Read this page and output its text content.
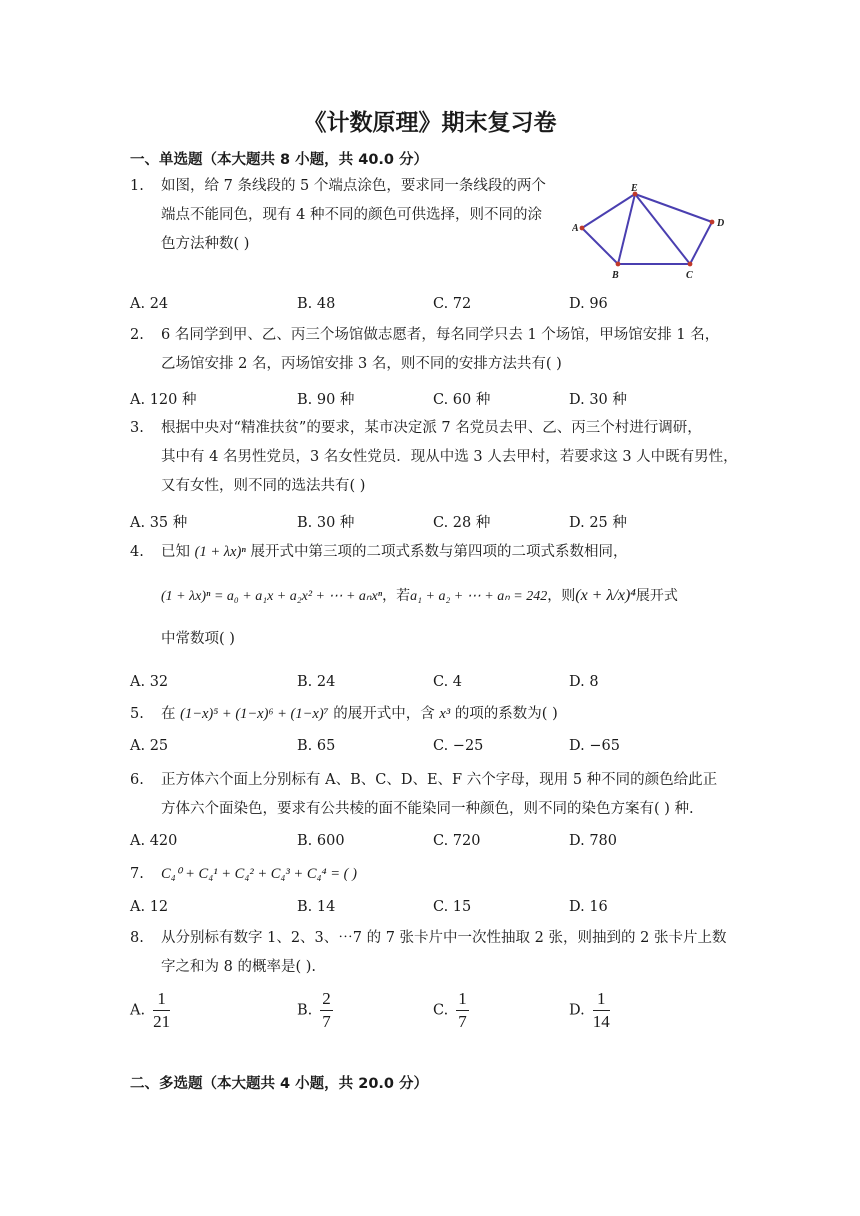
《计数原理》期末复习卷
一、单选题（本大题共 8 小题，共 40.0 分）
1.	如图，给 7 条线段的 5 个端点涂色，要求同一条线段的两个
端点不能同色，现有 4 种不同的颜色可供选择，则不同的涂
色方法种数( )
E
A
B	C
D
A. 24	B. 48	C. 72	D. 96
2.	6 名同学到甲、乙、丙三个场馆做志愿者，每名同学只去 1 个场馆，甲场馆安排 1 名，
乙场馆安排 2 名，丙场馆安排 3 名，则不同的安排方法共有( )
A. 120 种	B. 90 种	C. 60 种	D. 30 种
3.	根据中央对“精准扶贫”的要求，某市决定派 7 名党员去甲、乙、丙三个村进行调研，
其中有 4 名男性党员，3 名女性党员．现从中选 3 人去甲村，若要求这 3 人中既有男性，
又有女性，则不同的选法共有( )
A. 35 种	B. 30 种	C. 28 种	D. 25 种
4.	已知 (1 + λx)ⁿ 展开式中第三项的二项式系数与第四项的二项式系数相同，
(1 + λx)ⁿ = a₀ + a₁x + a₂x² + ⋯ + aₙxⁿ，若a₁ + a₂ + ⋯ + aₙ = 242，则(x + λ/x)⁴展开式
中常数项( )
A. 32	B. 24	C. 4	D. 8
5.	在 (1−x)⁵ + (1−x)⁶ + (1−x)⁷ 的展开式中，含 x³ 的项的系数为( )
A. 25	B. 65	C. −25	D. −65
6.	正方体六个面上分别标有 A、B、C、D、E、F 六个字母，现用 5 种不同的颜色给此正
方体六个面染色，要求有公共棱的面不能染同一种颜色，则不同的染色方案有( ) 种.
A. 420	B. 600	C. 720	D. 780
7.	C₄⁰ + C₄¹ + C₄² + C₄³ + C₄⁴ = ( )
A. 12	B. 14	C. 15	D. 16
8.	从分别标有数字 1、2、3、⋯7 的 7 张卡片中一次性抽取 2 张，则抽到的 2 张卡片上数
字之和为 8 的概率是( ).
A. $\frac{1}{21}$	B. $\frac{2}{7}$	C. $\frac{1}{7}$	D. $\frac{1}{14}$
二、多选题（本大题共 4 小题，共 20.0 分）
